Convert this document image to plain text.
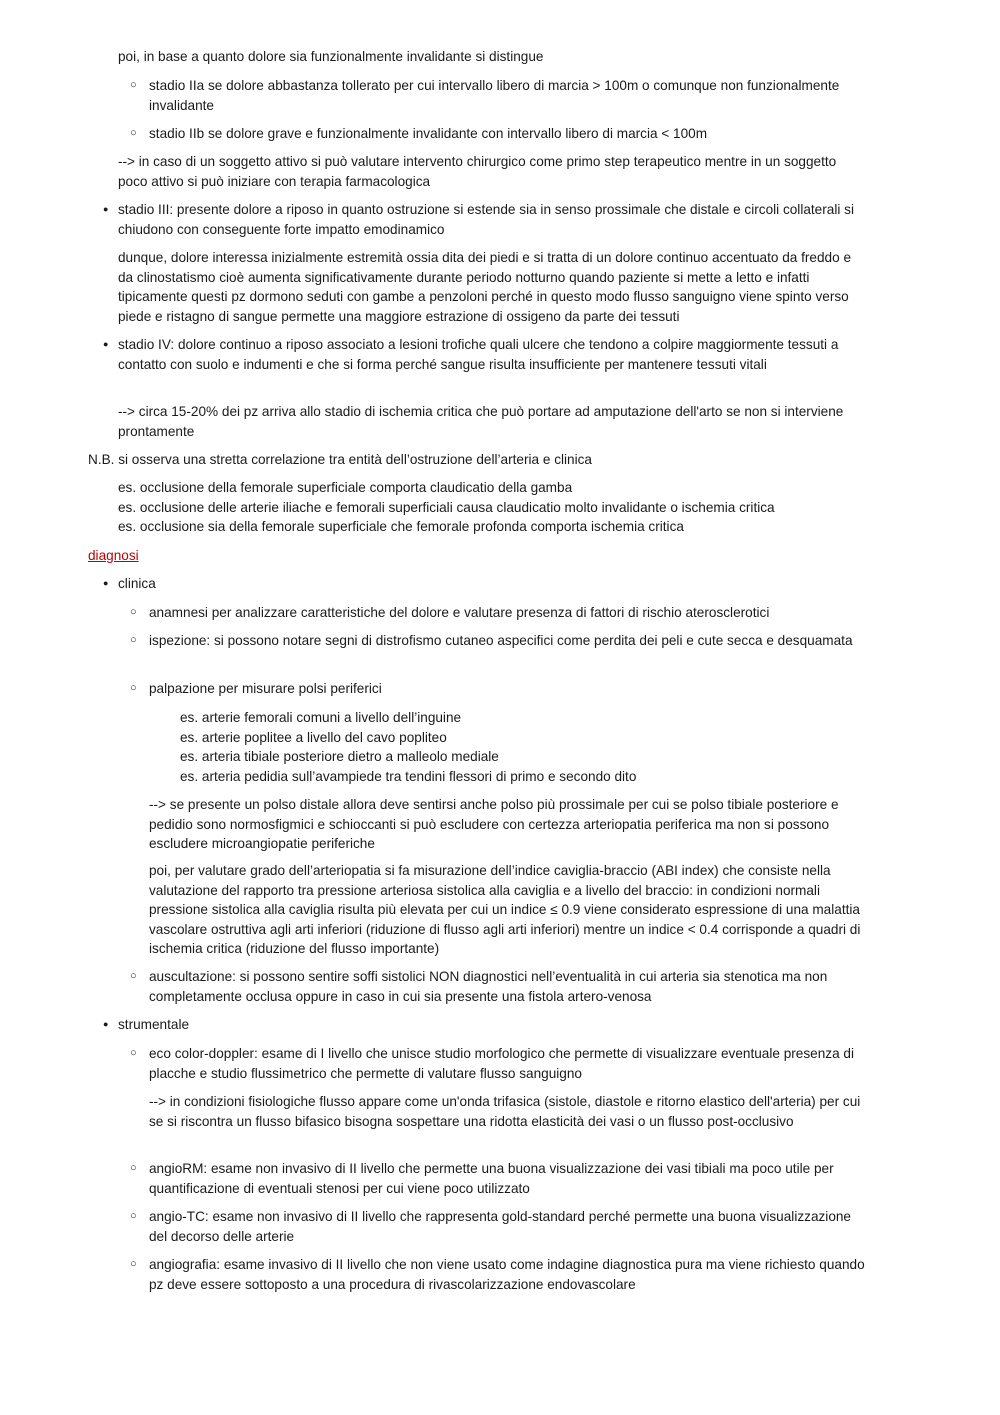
poi, in base a quanto dolore sia funzionalmente invalidante si distingue

○ stadio IIa se dolore abbastanza tollerato per cui intervallo libero di marcia > 100m o comunque non funzionalmente invalidante

○ stadio IIb se dolore grave e funzionalmente invalidante con intervallo libero di marcia < 100m

--> in caso di un soggetto attivo si può valutare intervento chirurgico come primo step terapeutico mentre in un soggetto poco attivo si può iniziare con terapia farmacologica

● stadio III: presente dolore a riposo in quanto ostruzione si estende sia in senso prossimale che distale e circoli collaterali si chiudono con conseguente forte impatto emodinamico

dunque, dolore interessa inizialmente estremità ossia dita dei piedi e si tratta di un dolore continuo accentuato da freddo e da clinostatismo cioè aumenta significativamente durante periodo notturno quando paziente si mette a letto e infatti tipicamente questi pz dormono seduti con gambe a penzoloni perché in questo modo flusso sanguigno viene spinto verso piede e ristagno di sangue permette una maggiore estrazione di ossigeno da parte dei tessuti

● stadio IV: dolore continuo a riposo associato a lesioni trofiche quali ulcere che tendono a colpire maggiormente tessuti a contatto con suolo e indumenti e che si forma perché sangue risulta insufficiente per mantenere tessuti vitali

--> circa 15-20% dei pz arriva allo stadio di ischemia critica che può portare ad amputazione dell'arto se non si interviene prontamente

N.B. si osserva una stretta correlazione tra entità dell’ostruzione dell’arteria e clinica

es. occlusione della femorale superficiale comporta claudicatio della gamba

es. occlusione delle arterie iliache e femorali superficiali causa claudicatio molto invalidante o ischemia critica

es. occlusione sia della femorale superficiale che femorale profonda comporta ischemia critica

diagnosi

● clinica

○ anamnesi per analizzare caratteristiche del dolore e valutare presenza di fattori di rischio aterosclerotici

○ ispezione: si possono notare segni di distrofismo cutaneo aspecifici come perdita dei peli e cute secca e desquamata

○ palpazione per misurare polsi periferici

es. arterie femorali comuni a livello dell’inguine

es. arterie poplitee a livello del cavo popliteo

es. arteria tibiale posteriore dietro a malleolo mediale

es. arteria pedidia sull’avampiede tra tendini flessori di primo e secondo dito

--> se presente un polso distale allora deve sentirsi anche polso più prossimale per cui se polso tibiale posteriore e pedidio sono normosfigmici e schioccanti si può escludere con certezza arteriopatia periferica ma non si possono escludere microangiopatie periferiche

poi, per valutare grado dell’arteriopatia si fa misurazione dell’indice caviglia-braccio (ABI index) che consiste nella valutazione del rapporto tra pressione arteriosa sistolica alla caviglia e a livello del braccio: in condizioni normali pressione sistolica alla caviglia risulta più elevata per cui un indice ≤ 0.9 viene considerato espressione di una malattia vascolare ostruttiva agli arti inferiori (riduzione di flusso agli arti inferiori) mentre un indice < 0.4 corrisponde a quadri di ischemia critica (riduzione del flusso importante)

○ auscultazione: si possono sentire soffi sistolici NON diagnostici nell’eventualità in cui arteria sia stenotica ma non completamente occlusa oppure in caso in cui sia presente una fistola artero-venosa

● strumentale

○ eco color-doppler: esame di I livello che unisce studio morfologico che permette di visualizzare eventuale presenza di placche e studio flussimetrico che permette di valutare flusso sanguigno

--> in condizioni fisiologiche flusso appare come un'onda trifasica (sistole, diastole e ritorno elastico dell'arteria) per cui se si riscontra un flusso bifasico bisogna sospettare una ridotta elasticità dei vasi o un flusso post-occlusivo

○ angioRM: esame non invasivo di II livello che permette una buona visualizzazione dei vasi tibiali ma poco utile per quantificazione di eventuali stenosi per cui viene poco utilizzato

○ angio-TC: esame non invasivo di II livello che rappresenta gold-standard perché permette una buona visualizzazione del decorso delle arterie

○ angiografia: esame invasivo di II livello che non viene usato come indagine diagnostica pura ma viene richiesto quando pz deve essere sottoposto a una procedura di rivascolarizzazione endovascolare
